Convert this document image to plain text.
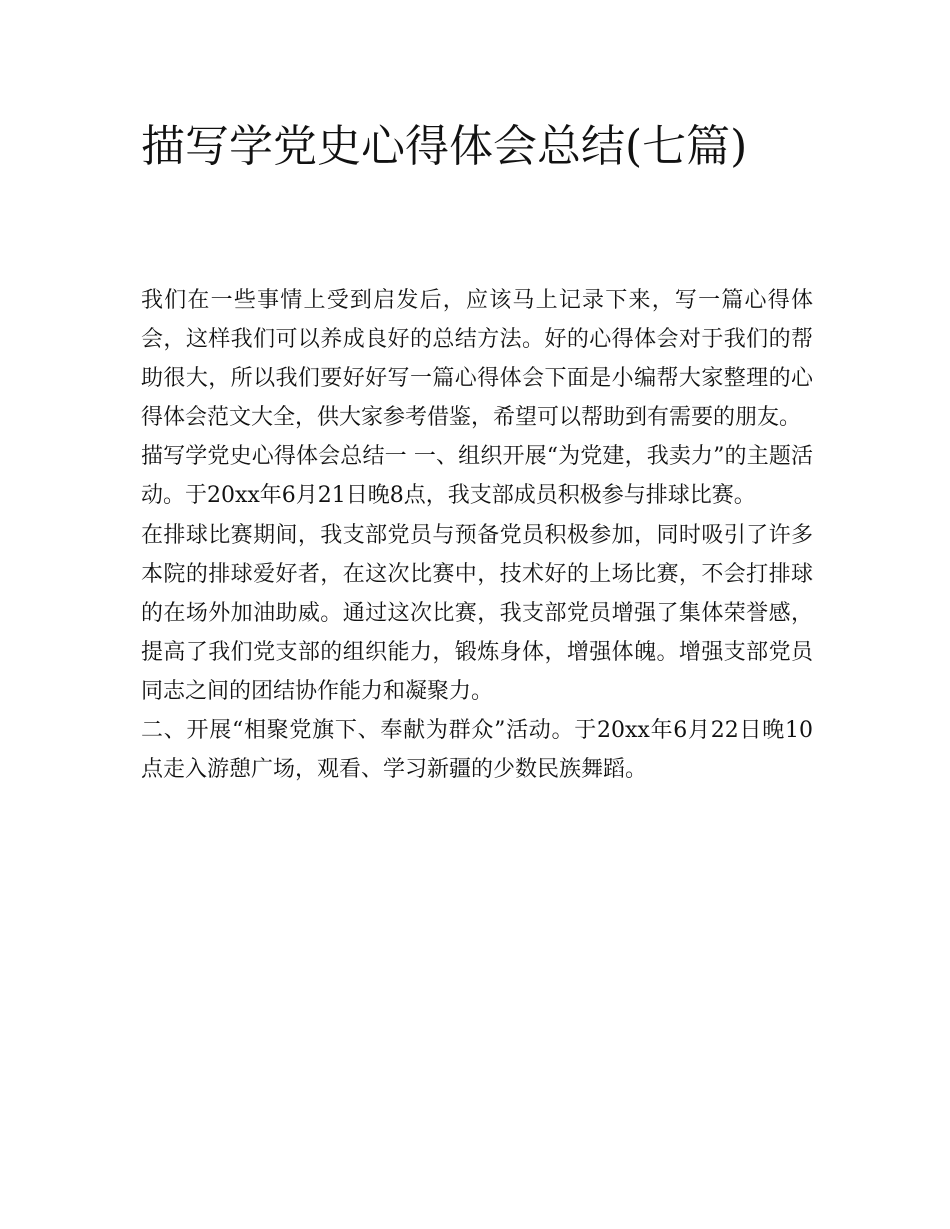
描写学党史心得体会总结(七篇)

我们在一些事情上受到启发后，应该马上记录下来，写一篇心得体会，这样我们可以养成良好的总结方法。好的心得体会对于我们的帮助很大，所以我们要好好写一篇心得体会下面是小编帮大家整理的心得体会范文大全，供大家参考借鉴，希望可以帮助到有需要的朋友。

描写学党史心得体会总结一 一、组织开展“为党建，我卖力”的主题活动。于20xx年6月21日晚8点，我支部成员积极参与排球比赛。

在排球比赛期间，我支部党员与预备党员积极参加，同时吸引了许多本院的排球爱好者，在这次比赛中，技术好的上场比赛，不会打排球的在场外加油助威。通过这次比赛，我支部党员增强了集体荣誉感，提高了我们党支部的组织能力，锻炼身体，增强体魄。增强支部党员同志之间的团结协作能力和凝聚力。

二、开展“相聚党旗下、奉献为群众”活动。于20xx年6月22日晚10点走入游憩广场，观看、学习新疆的少数民族舞蹈。
